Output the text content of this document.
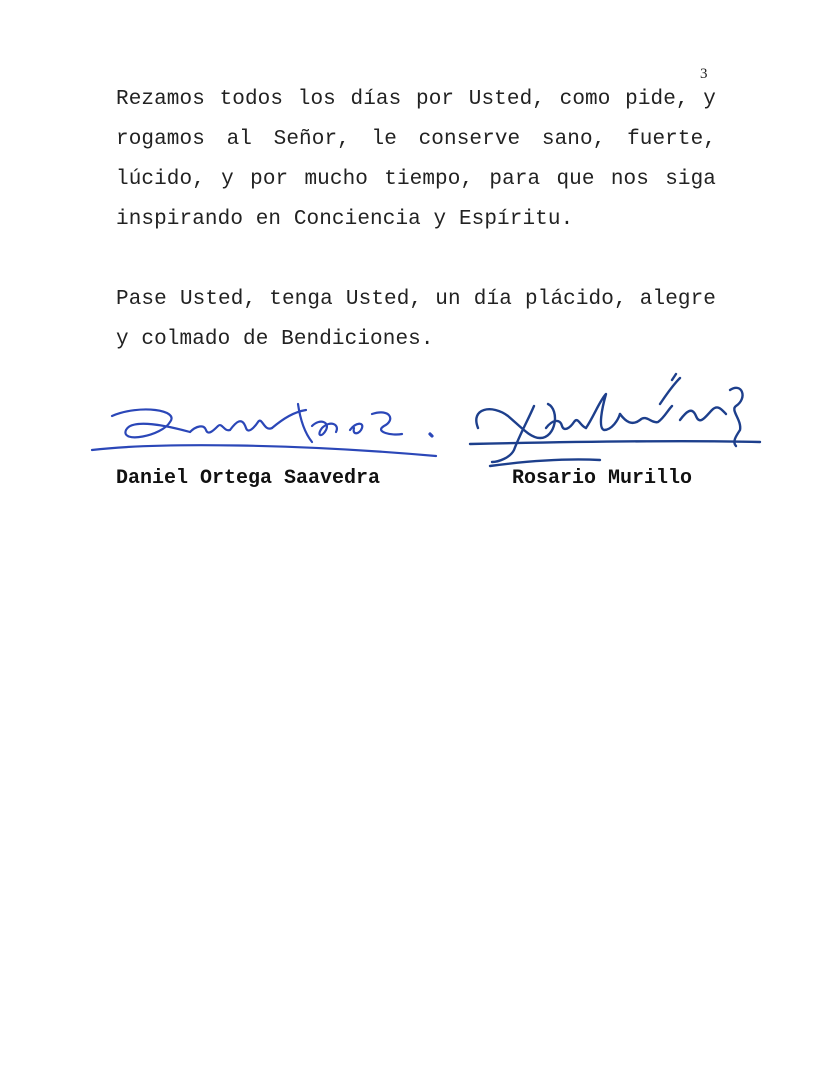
3

Rezamos todos los días por Usted, como pide, y rogamos al Señor, le conserve sano, fuerte, lúcido, y por mucho tiempo, para que nos siga inspirando en Conciencia y Espíritu.

Pase Usted, tenga Usted, un día plácido, alegre y colmado de Bendiciones.

Daniel Ortega Saavedra	Rosario Murillo
